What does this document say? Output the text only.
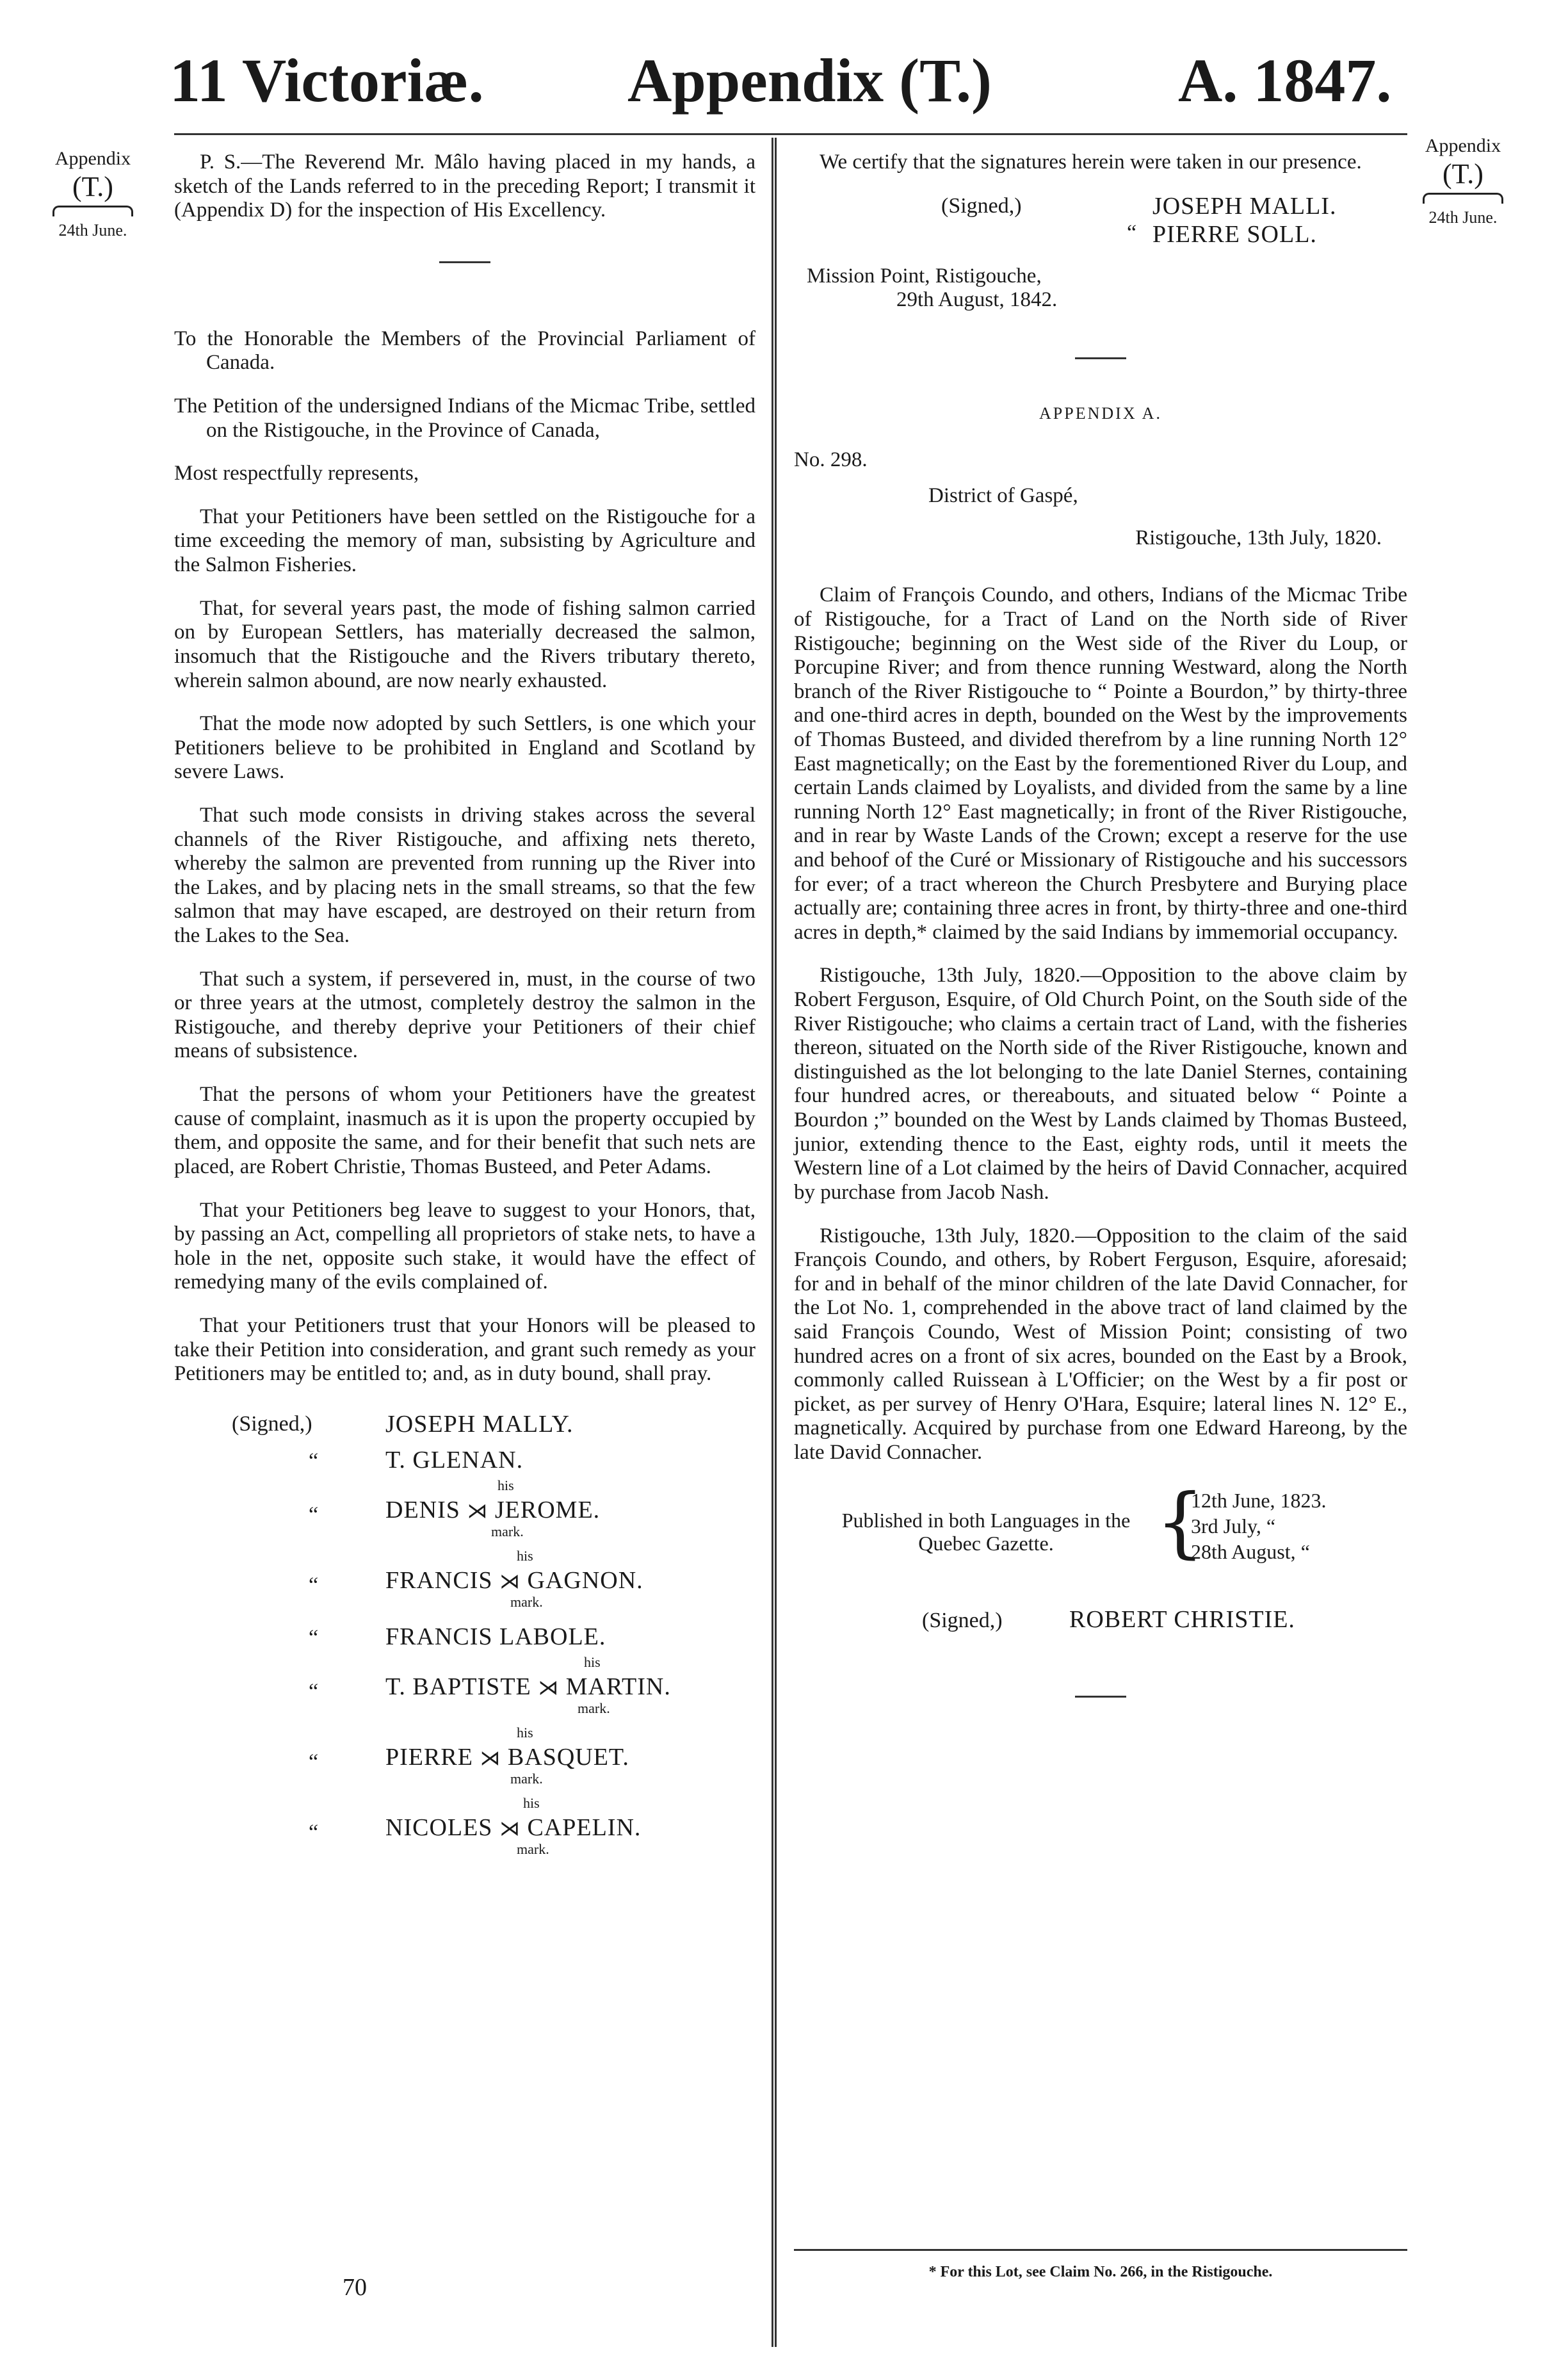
11 Victoriæ. Appendix (T.)	A. 1847.
Appendix
(T.)
24th June.
Appendix
(T.)
24th June.

P. S.—The Reverend Mr. Mâlo having placed in my hands, a sketch of the Lands referred to in the preceding Report; I transmit it (Appendix D) for the inspection of His Excellency.

To the Honorable the Members of the Provincial Parliament of Canada.

The Petition of the undersigned Indians of the Micmac Tribe, settled on the Ristigouche, in the Province of Canada,

Most respectfully represents,

That your Petitioners have been settled on the Ristigouche for a time exceeding the memory of man, subsisting by Agriculture and the Salmon Fisheries.

That, for several years past, the mode of fishing salmon carried on by European Settlers, has materially decreased the salmon, insomuch that the Ristigouche and the Rivers tributary thereto, wherein salmon abound, are now nearly exhausted.

That the mode now adopted by such Settlers, is one which your Petitioners believe to be prohibited in England and Scotland by severe Laws.

That such mode consists in driving stakes across the several channels of the River Ristigouche, and affixing nets thereto, whereby the salmon are prevented from running up the River into the Lakes, and by placing nets in the small streams, so that the few salmon that may have escaped, are destroyed on their return from the Lakes to the Sea.

That such a system, if persevered in, must, in the course of two or three years at the utmost, completely destroy the salmon in the Ristigouche, and thereby deprive your Petitioners of their chief means of subsistence.

That the persons of whom your Petitioners have the greatest cause of complaint, inasmuch as it is upon the property occupied by them, and opposite the same, and for their benefit that such nets are placed, are Robert Christie, Thomas Busteed, and Peter Adams.

That your Petitioners beg leave to suggest to your Honors, that, by passing an Act, compelling all proprietors of stake nets, to have a hole in the net, opposite such stake, it would have the effect of remedying many of the evils complained of.

That your Petitioners trust that your Honors will be pleased to take their Petition into consideration, and grant such remedy as your Petitioners may be entitled to; and, as in duty bound, shall pray.

(Signed,)	JOSEPH MALLY.
“	T. GLENAN.
“
his
DENIS ⋊ JEROME.
mark.
“
his
FRANCIS ⋊ GAGNON.
mark.
“	FRANCIS LABOLE.
“
his
T. BAPTISTE ⋊ MARTIN.
mark.
“
his
PIERRE ⋊ BASQUET.
mark.
“
his
NICOLES ⋊ CAPELIN.
mark.
70

We certify that the signatures herein were taken in our presence.

(Signed,)	JOSEPH MALLI.
“ PIERRE SOLL.

Mission Point, Ristigouche,

29th August, 1842.

APPENDIX A.

No. 298.

District of Gaspé,

Ristigouche, 13th July, 1820.

Claim of François Coundo, and others, Indians of the Micmac Tribe of Ristigouche, for a Tract of Land on the North side of River Ristigouche; beginning on the West side of the River du Loup, or Porcupine River; and from thence running Westward, along the North branch of the River Ristigouche to “ Pointe a Bourdon,” by thirty-three and one-third acres in depth, bounded on the West by the improvements of Thomas Busteed, and divided therefrom by a line running North 12° East magnetically; on the East by the forementioned River du Loup, and certain Lands claimed by Loyalists, and divided from the same by a line running North 12° East magnetically; in front of the River Ristigouche, and in rear by Waste Lands of the Crown; except a reserve for the use and behoof of the Curé or Missionary of Ristigouche and his successors for ever; of a tract whereon the Church Presbytere and Burying place actually are; containing three acres in front, by thirty-three and one-third acres in depth,* claimed by the said Indians by immemorial occupancy.

Ristigouche, 13th July, 1820.—Opposition to the above claim by Robert Ferguson, Esquire, of Old Church Point, on the South side of the River Ristigouche; who claims a certain tract of Land, with the fisheries thereon, situated on the North side of the River Ristigouche, known and distinguished as the lot belonging to the late Daniel Sternes, containing four hundred acres, or thereabouts, and situated below “ Pointe a Bourdon ;” bounded on the West by Lands claimed by Thomas Busteed, junior, extending thence to the East, eighty rods, until it meets the Western line of a Lot claimed by the heirs of David Connacher, acquired by purchase from Jacob Nash.

Ristigouche, 13th July, 1820.—Opposition to the claim of the said François Coundo, and others, by Robert Ferguson, Esquire, aforesaid; for and in behalf of the minor children of the late David Connacher, for the Lot No. 1, comprehended in the above tract of land claimed by the said François Coundo, West of Mission Point; consisting of two hundred acres on a front of six acres, bounded on the East by a Brook, commonly called Ruissean à L'Officier; on the West by a fir post or picket, as per survey of Henry O'Hara, Esquire; lateral lines N. 12° E., magnetically. Acquired by purchase from one Edward Hareong, by the late David Connacher.

Published in both Languages in the Quebec Gazette.	{
12th June, 1823.
3rd July, “
28th August, “
(Signed,)	ROBERT CHRISTIE.
* For this Lot, see Claim No. 266, in the Ristigouche.
